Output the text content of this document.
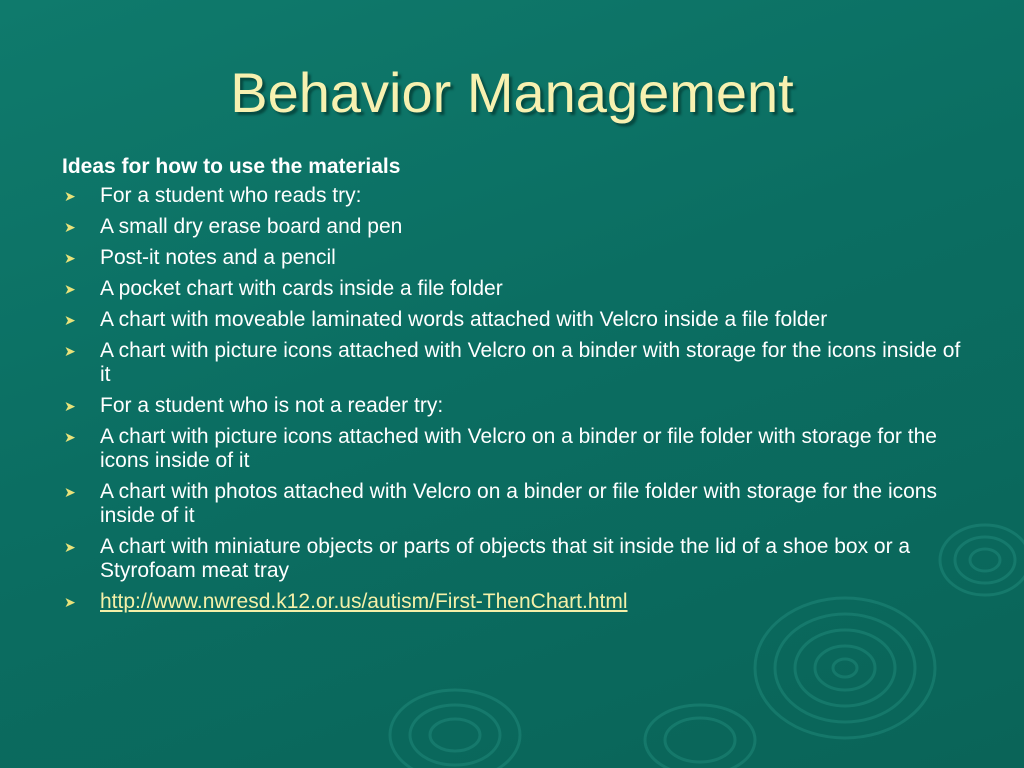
Behavior Management
Ideas for how to use the materials
➤ For a student who reads try:
➤ A small dry erase board and pen
➤ Post-it notes and a pencil
➤ A pocket chart with cards inside a file folder
➤ A chart with moveable laminated words attached with Velcro inside a file folder
➤ A chart with picture icons attached with Velcro on a binder with storage for the icons inside of it
➤ For a student who is not a reader try:
➤ A chart with picture icons attached with Velcro on a binder or file folder with storage for the icons inside of it
➤ A chart with photos attached with Velcro on a binder or file folder with storage for the icons inside of it
➤ A chart with miniature objects or parts of objects that sit inside the lid of a shoe box or a Styrofoam meat tray
➤ http://www.nwresd.k12.or.us/autism/First-ThenChart.html
